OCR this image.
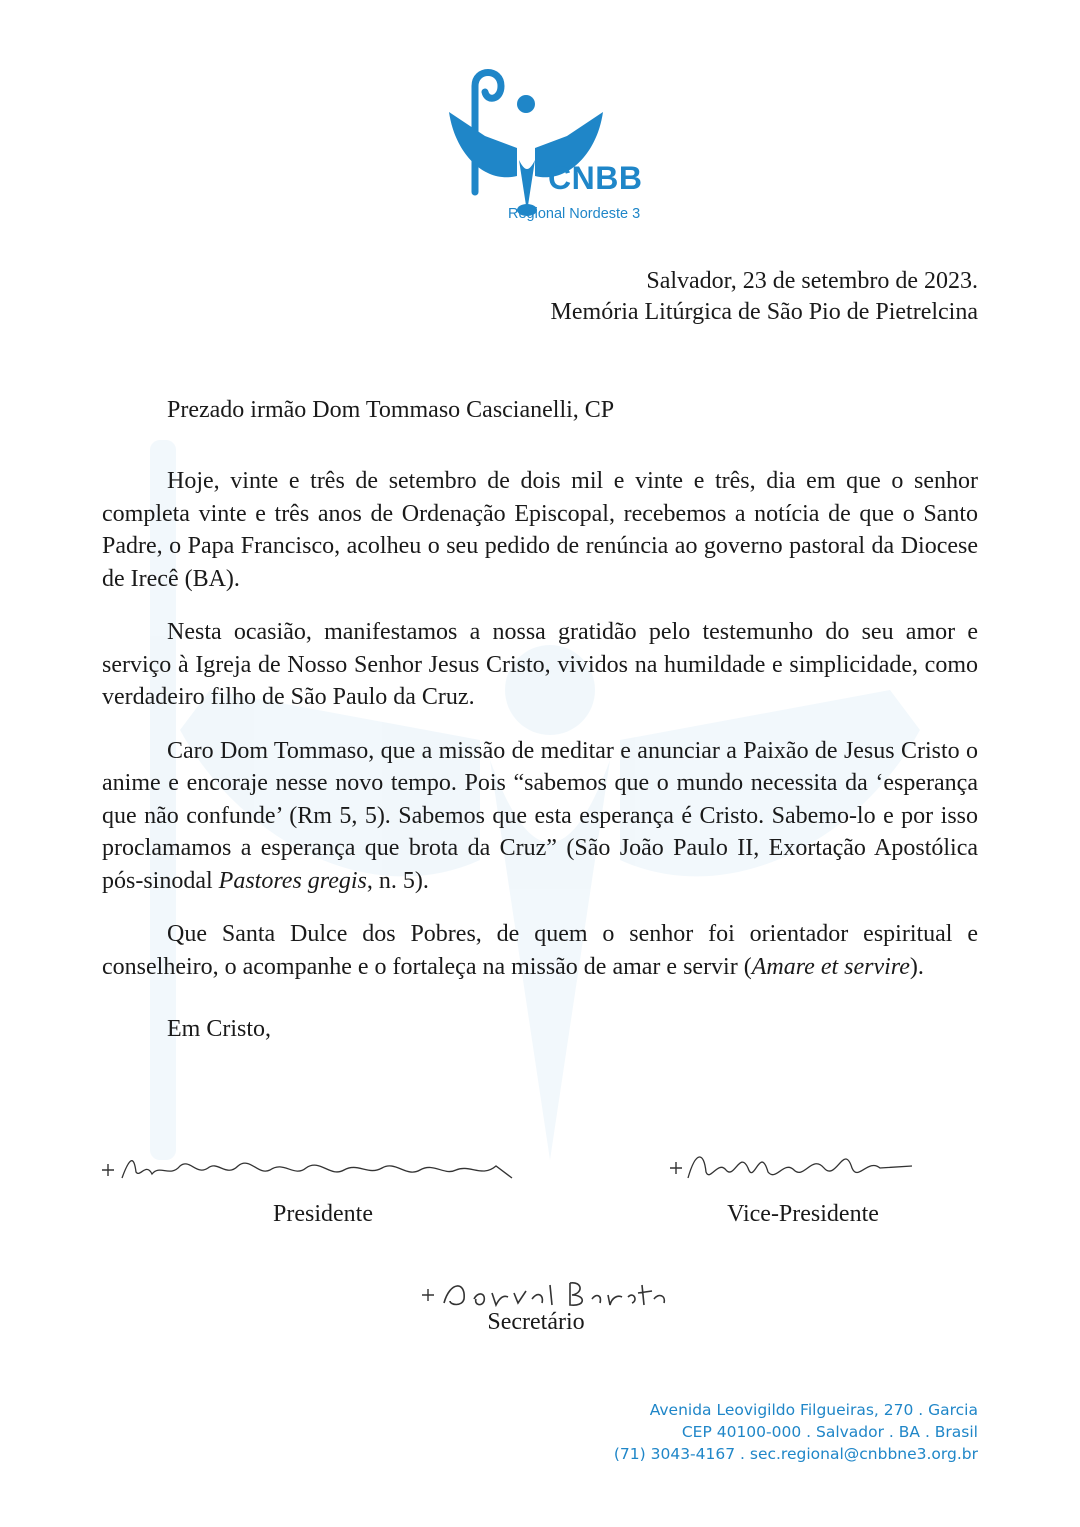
CNBB
Regional Nordeste 3
Salvador, 23 de setembro de 2023.
Memória Litúrgica de São Pio de Pietrelcina
Prezado irmão Dom Tommaso Cascianelli, CP

Hoje, vinte e três de setembro de dois mil e vinte e três, dia em que o senhor completa vinte e três anos de Ordenação Episcopal, recebemos a notícia de que o Santo Padre, o Papa Francisco, acolheu o seu pedido de renúncia ao governo pastoral da Diocese de Irecê (BA).

Nesta ocasião, manifestamos a nossa gratidão pelo testemunho do seu amor e serviço à Igreja de Nosso Senhor Jesus Cristo, vividos na humildade e simplicidade, como verdadeiro filho de São Paulo da Cruz.

Caro Dom Tommaso, que a missão de meditar e anunciar a Paixão de Jesus Cristo o anime e encoraje nesse novo tempo. Pois “sabemos que o mundo necessita da ‘esperança que não confunde’ (Rm 5, 5). Sabemos que esta esperança é Cristo. Sabemo-lo e por isso proclamamos a esperança que brota da Cruz” (São João Paulo II, Exortação Apostólica pós-sinodal Pastores gregis, n. 5).

Que Santa Dulce dos Pobres, de quem o senhor foi orientador espiritual e conselheiro, o acompanhe e o fortaleça na missão de amar e servir (Amare et servire).

Em Cristo,

Presidente	Vice-Presidente
Secretário
Avenida Leovigildo Filgueiras, 270 . Garcia
CEP 40100-000 . Salvador . BA . Brasil
(71) 3043-4167 . sec.regional@cnbbne3.org.br
